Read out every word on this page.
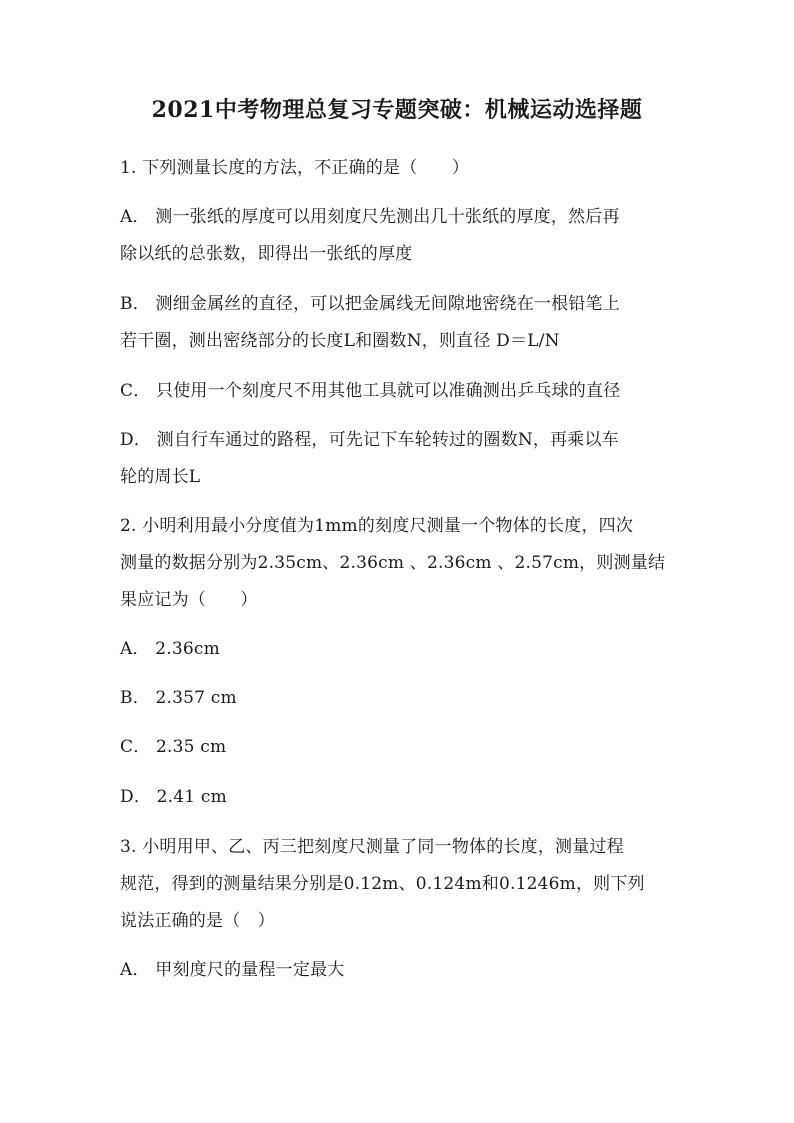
2021中考物理总复习专题突破：机械运动选择题
1. 下列测量长度的方法，不正确的是（　　）
A． 测一张纸的厚度可以用刻度尺先测出几十张纸的厚度，然后再
除以纸的总张数，即得出一张纸的厚度
B． 测细金属丝的直径，可以把金属线无间隙地密绕在一根铅笔上
若干圈，测出密绕部分的长度L和圈数N，则直径 D＝L/N
C． 只使用一个刻度尺不用其他工具就可以准确测出乒乓球的直径
D． 测自行车通过的路程，可先记下车轮转过的圈数N，再乘以车
轮的周长L
2. 小明利用最小分度值为1mm的刻度尺测量一个物体的长度，四次
测量的数据分别为2.35cm、2.36cm 、2.36cm 、2.57cm，则测量结
果应记为（　　）
A． 2.36cm
B． 2.357 cm
C． 2.35 cm
D． 2.41 cm
3. 小明用甲、乙、丙三把刻度尺测量了同一物体的长度，测量过程
规范，得到的测量结果分别是0.12m、0.124m和0.1246m，则下列
说法正确的是（　）
A． 甲刻度尺的量程一定最大
